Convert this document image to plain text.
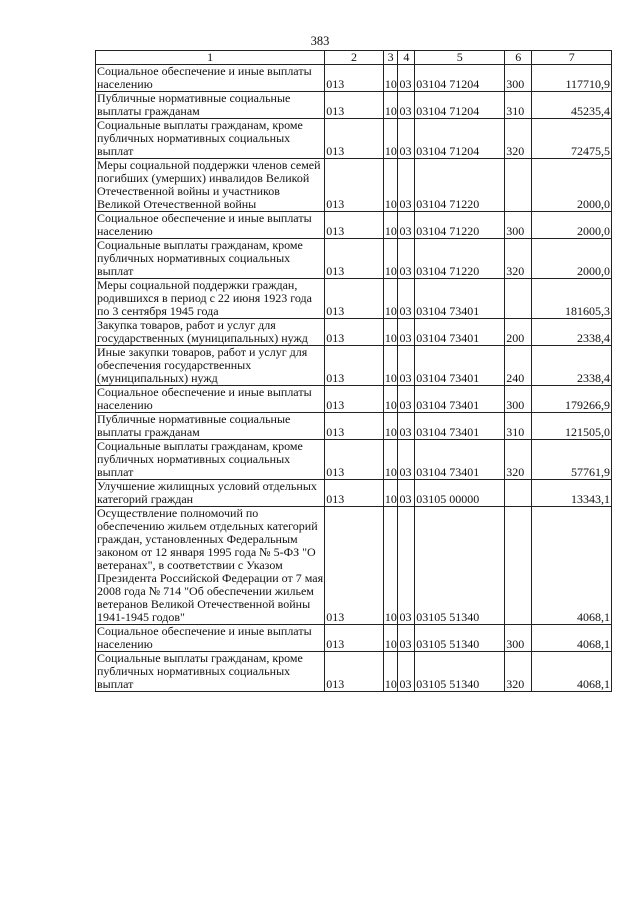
383
1	2	3	4	5	6	7
Социальное обеспечение и иные выплаты населению	013	10	03	03104 71204	300	117710,9
Публичные нормативные социальные выплаты гражданам	013	10	03	03104 71204	310	45235,4
Социальные выплаты гражданам, кроме публичных нормативных социальных выплат	013	10	03	03104 71204	320	72475,5
Меры социальной поддержки членов семей погибших (умерших) инвалидов Великой Отечественной войны и участников Великой Отечественной войны	013	10	03	03104 71220		2000,0
Социальное обеспечение и иные выплаты населению	013	10	03	03104 71220	300	2000,0
Социальные выплаты гражданам, кроме публичных нормативных социальных выплат	013	10	03	03104 71220	320	2000,0
Меры социальной поддержки граждан, родившихся в период с 22 июня 1923 года по 3 сентября 1945 года	013	10	03	03104 73401		181605,3
Закупка товаров, работ и услуг для государственных (муниципальных) нужд	013	10	03	03104 73401	200	2338,4
Иные закупки товаров, работ и услуг для обеспечения государственных (муниципальных) нужд	013	10	03	03104 73401	240	2338,4
Социальное обеспечение и иные выплаты населению	013	10	03	03104 73401	300	179266,9
Публичные нормативные социальные выплаты гражданам	013	10	03	03104 73401	310	121505,0
Социальные выплаты гражданам, кроме публичных нормативных социальных выплат	013	10	03	03104 73401	320	57761,9
Улучшение жилищных условий отдельных категорий граждан	013	10	03	03105 00000		13343,1
Осуществление полномочий по обеспечению жильем отдельных категорий граждан, установленных Федеральным законом от 12 января 1995 года № 5-ФЗ "О ветеранах", в соответствии с Указом Президента Российской Федерации от 7 мая 2008 года № 714 "Об обеспечении жильем ветеранов Великой Отечественной войны 1941-1945 годов"	013	10	03	03105 51340		4068,1
Социальное обеспечение и иные выплаты населению	013	10	03	03105 51340	300	4068,1
Социальные выплаты гражданам, кроме публичных нормативных социальных выплат	013	10	03	03105 51340	320	4068,1
